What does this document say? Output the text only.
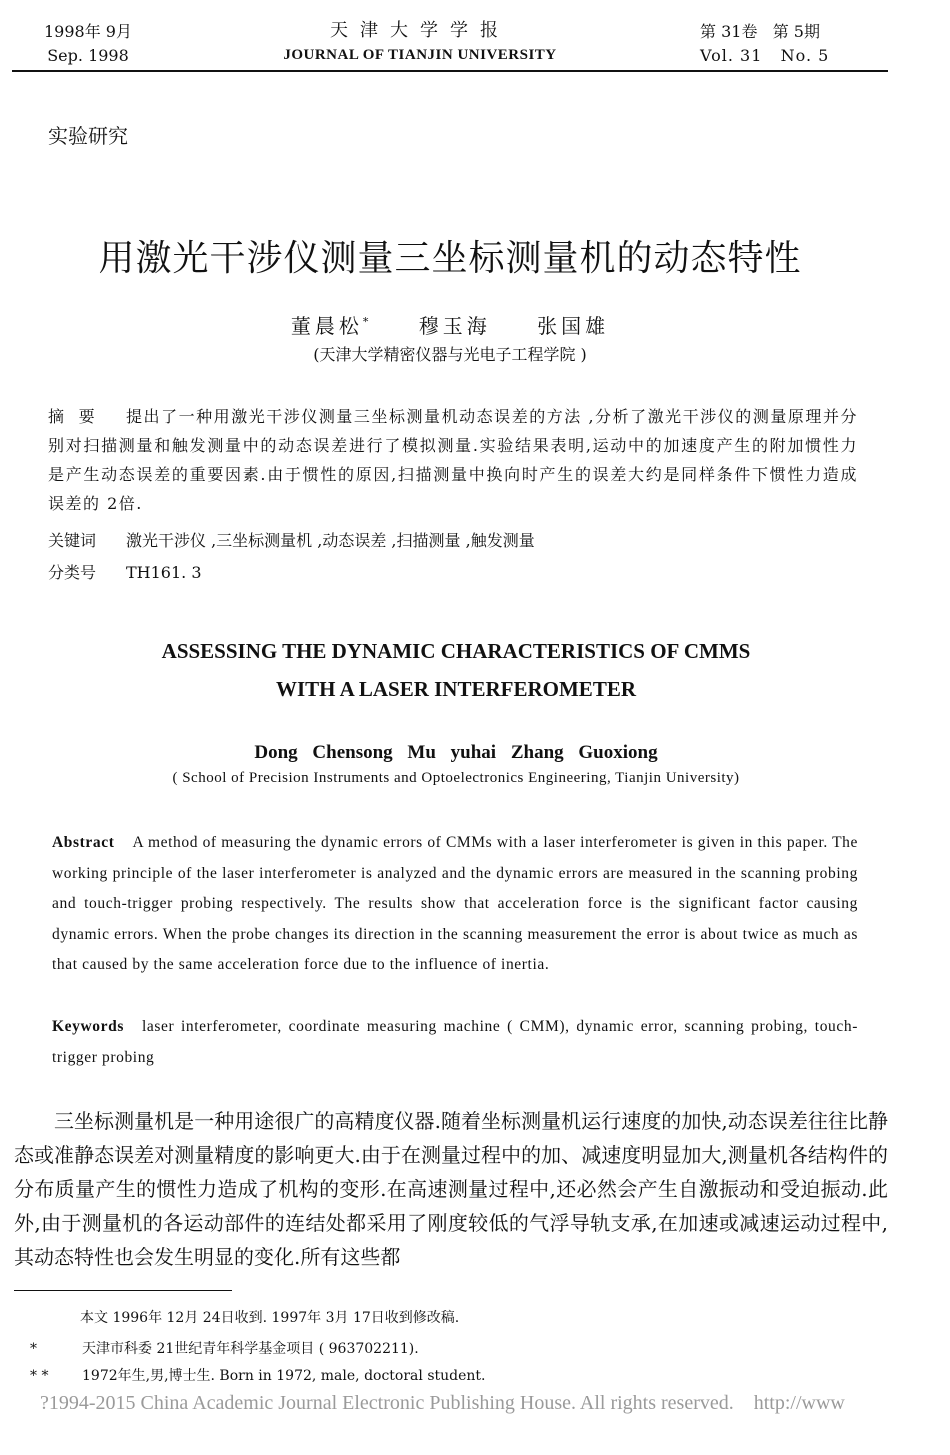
1998年 9月
Sep. 1998
天津大学学报
JOURNAL OF TIANJIN UNIVERSITY
第 31卷   第 5期
Vol. 31   No. 5
实验研究
用激光干涉仪测量三坐标测量机的动态特性
董晨松* 穆玉海 张国雄
(天津大学精密仪器与光电子工程学院 )
摘  要 提出了一种用激光干涉仪测量三坐标测量机动态误差的方法 ,分析了激光干涉仪的测量原理并分别对扫描测量和触发测量中的动态误差进行了模拟测量.实验结果表明,运动中的加速度产生的附加惯性力是产生动态误差的重要因素.由于惯性的原因,扫描测量中换向时产生的误差大约是同样条件下惯性力造成误差的 2倍.
关键词 激光干涉仪 ,三坐标测量机 ,动态误差 ,扫描测量 ,触发测量
分类号 TH161. 3
ASSESSING THE DYNAMIC CHARACTERISTICS OF CMMS
WITH A LASER INTERFEROMETER
Dong Chensong Mu yuhai Zhang Guoxiong
( School of Precision Instruments and Optoelectronics Engineering, Tianjin University)
Abstract A method of measuring the dynamic errors of CMMs with a laser interferometer is given in this paper. The working principle of the laser interferometer is analyzed and the dynamic errors are measured in the scanning probing and touch-trigger probing respectively. The results show that acceleration force is the significant factor causing dynamic errors. When the probe changes its direction in the scanning measurement the error is about twice as much as that caused by the same acceleration force due to the influence of inertia.
Keywords laser interferometer, coordinate measuring machine ( CMM), dynamic error, scanning probing, touch-trigger probing

三坐标测量机是一种用途很广的高精度仪器.随着坐标测量机运行速度的加快,动态误差往往比静态或准静态误差对测量精度的影响更大.由于在测量过程中的加、减速度明显加大,测量机各结构件的分布质量产生的惯性力造成了机构的变形.在高速测量过程中,还必然会产生自激振动和受迫振动.此外,由于测量机的各运动部件的连结处都采用了刚度较低的气浮导轨支承,在加速或减速运动过程中,其动态特性也会发生明显的变化.所有这些都

本文 1996年 12月 24日收到. 1997年 3月 17日收到修改稿.
*	天津市科委 21世纪青年科学基金项目 ( 963702211).
* * 1972年生,男,博士生. Born in 1972, male, doctoral student.
?1994-2015 China Academic Journal Electronic Publishing House. All rights reserved.    http://www
